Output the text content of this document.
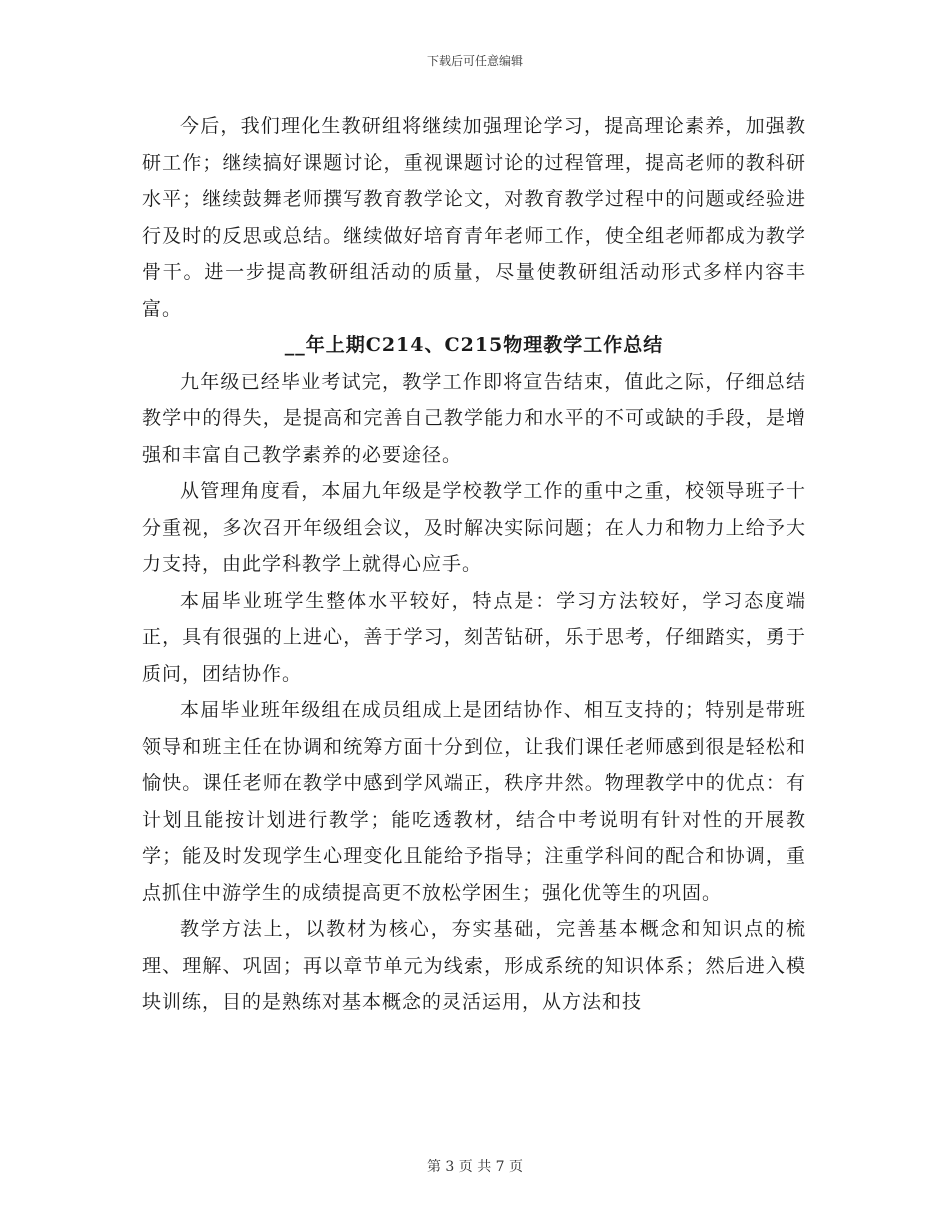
下载后可任意编辑

今后，我们理化生教研组将继续加强理论学习，提高理论素养，加强教研工作；继续搞好课题讨论，重视课题讨论的过程管理，提高老师的教科研水平；继续鼓舞老师撰写教育教学论文，对教育教学过程中的问题或经验进行及时的反思或总结。继续做好培育青年老师工作，使全组老师都成为教学骨干。进一步提高教研组活动的质量，尽量使教研组活动形式多样内容丰富。

__年上期C214、C215物理教学工作总结

九年级已经毕业考试完，教学工作即将宣告结束，值此之际，仔细总结教学中的得失，是提高和完善自己教学能力和水平的不可或缺的手段，是增强和丰富自己教学素养的必要途径。

从管理角度看，本届九年级是学校教学工作的重中之重，校领导班子十分重视，多次召开年级组会议，及时解决实际问题；在人力和物力上给予大力支持，由此学科教学上就得心应手。

本届毕业班学生整体水平较好，特点是：学习方法较好，学习态度端正，具有很强的上进心，善于学习，刻苦钻研，乐于思考，仔细踏实，勇于质问，团结协作。

本届毕业班年级组在成员组成上是团结协作、相互支持的；特别是带班领导和班主任在协调和统筹方面十分到位，让我们课任老师感到很是轻松和愉快。课任老师在教学中感到学风端正，秩序井然。物理教学中的优点：有计划且能按计划进行教学；能吃透教材，结合中考说明有针对性的开展教学；能及时发现学生心理变化且能给予指导；注重学科间的配合和协调，重点抓住中游学生的成绩提高更不放松学困生；强化优等生的巩固。

教学方法上，以教材为核心，夯实基础，完善基本概念和知识点的梳理、理解、巩固；再以章节单元为线索，形成系统的知识体系；然后进入模块训练，目的是熟练对基本概念的灵活运用，从方法和技

第 3 页 共 7 页
